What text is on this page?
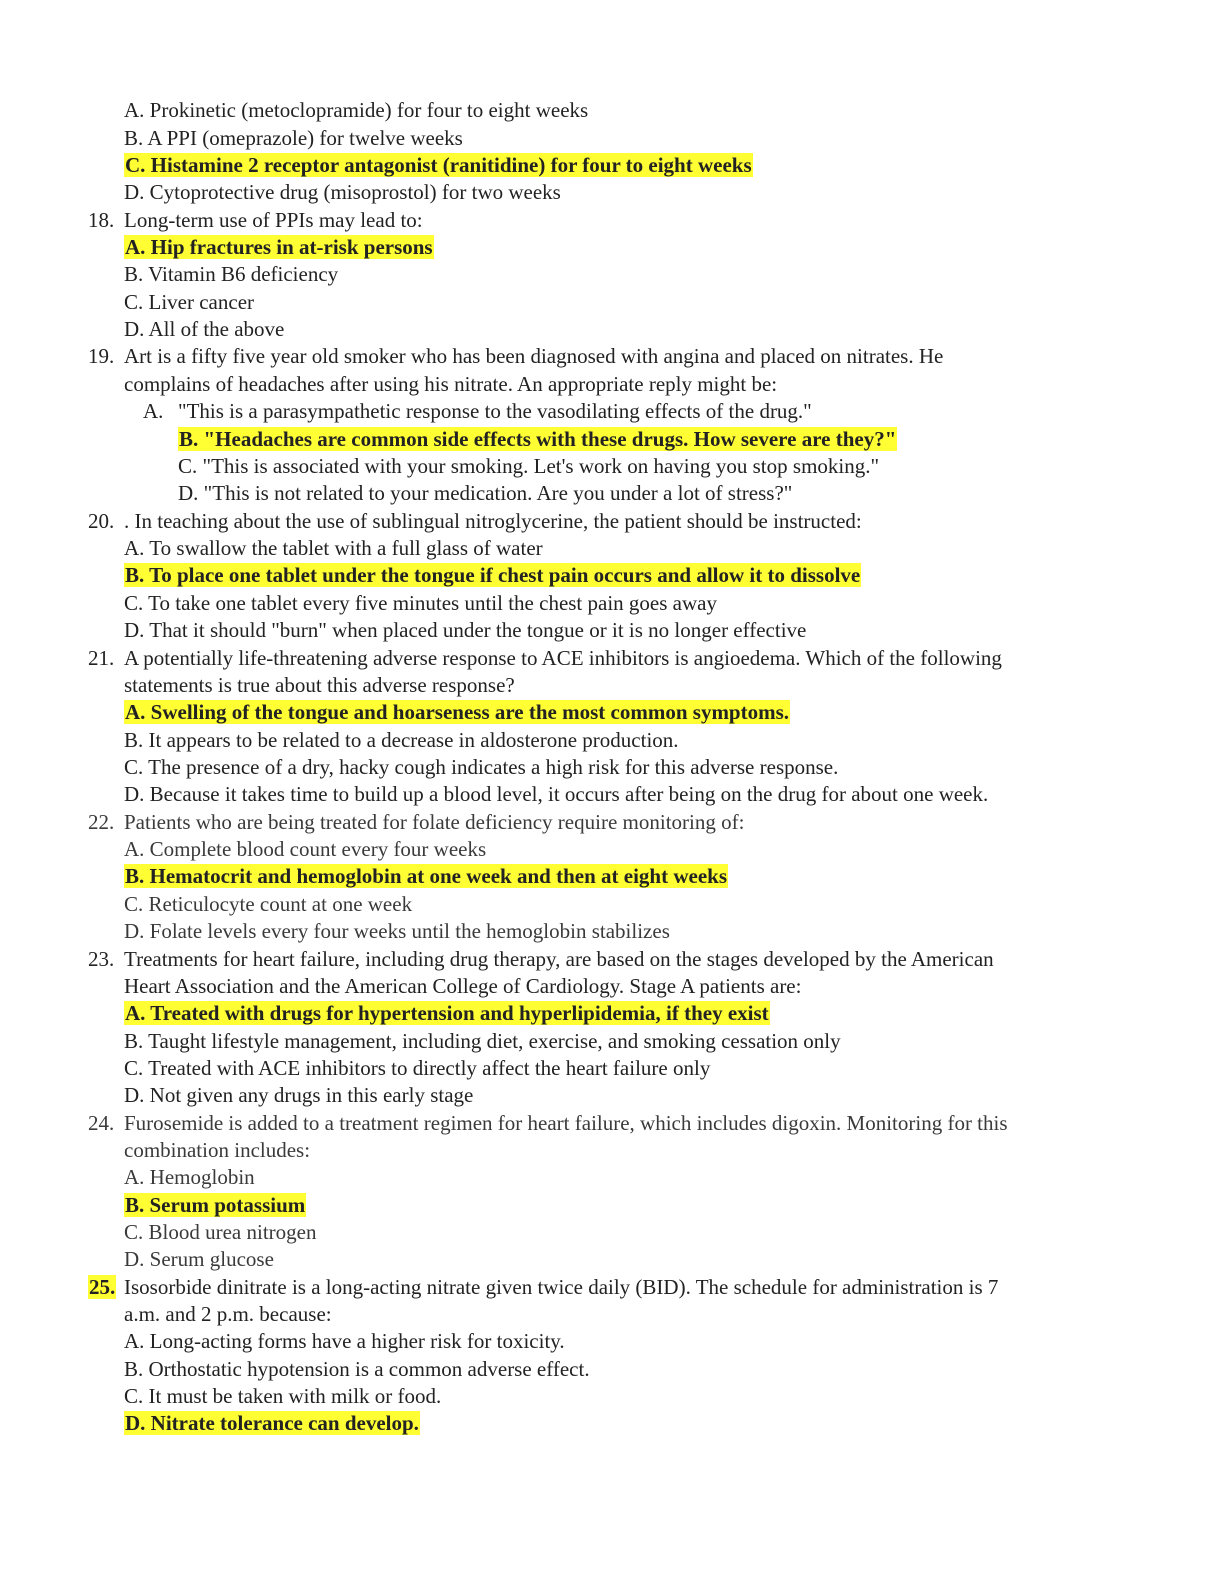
A. Prokinetic (metoclopramide) for four to eight weeks
B. A PPI (omeprazole) for twelve weeks
C. Histamine 2 receptor antagonist (ranitidine) for four to eight weeks
D. Cytoprotective drug (misoprostol) for two weeks
18. Long-term use of PPIs may lead to:
A. Hip fractures in at-risk persons
B. Vitamin B6 deficiency
C. Liver cancer
D. All of the above
19. Art is a fifty five year old smoker who has been diagnosed with angina and placed on nitrates. He
complains of headaches after using his nitrate. An appropriate reply might be:
A. "This is a parasympathetic response to the vasodilating effects of the drug."
B. "Headaches are common side effects with these drugs. How severe are they?"
C. "This is associated with your smoking. Let's work on having you stop smoking."
D. "This is not related to your medication. Are you under a lot of stress?"
20. . In teaching about the use of sublingual nitroglycerine, the patient should be instructed:
A. To swallow the tablet with a full glass of water
B. To place one tablet under the tongue if chest pain occurs and allow it to dissolve
C. To take one tablet every five minutes until the chest pain goes away
D. That it should "burn" when placed under the tongue or it is no longer effective
21. A potentially life-threatening adverse response to ACE inhibitors is angioedema. Which of the following
statements is true about this adverse response?
A. Swelling of the tongue and hoarseness are the most common symptoms.
B. It appears to be related to a decrease in aldosterone production.
C. The presence of a dry, hacky cough indicates a high risk for this adverse response.
D. Because it takes time to build up a blood level, it occurs after being on the drug for about one week.
22. Patients who are being treated for folate deficiency require monitoring of:
A. Complete blood count every four weeks
B. Hematocrit and hemoglobin at one week and then at eight weeks
C. Reticulocyte count at one week
D. Folate levels every four weeks until the hemoglobin stabilizes
23. Treatments for heart failure, including drug therapy, are based on the stages developed by the American
Heart Association and the American College of Cardiology. Stage A patients are:
A. Treated with drugs for hypertension and hyperlipidemia, if they exist
B. Taught lifestyle management, including diet, exercise, and smoking cessation only
C. Treated with ACE inhibitors to directly affect the heart failure only
D. Not given any drugs in this early stage
24. Furosemide is added to a treatment regimen for heart failure, which includes digoxin. Monitoring for this
combination includes:
A. Hemoglobin
B. Serum potassium
C. Blood urea nitrogen
D. Serum glucose
25. Isosorbide dinitrate is a long-acting nitrate given twice daily (BID). The schedule for administration is 7
a.m. and 2 p.m. because:
A. Long-acting forms have a higher risk for toxicity.
B. Orthostatic hypotension is a common adverse effect.
C. It must be taken with milk or food.
D. Nitrate tolerance can develop.
